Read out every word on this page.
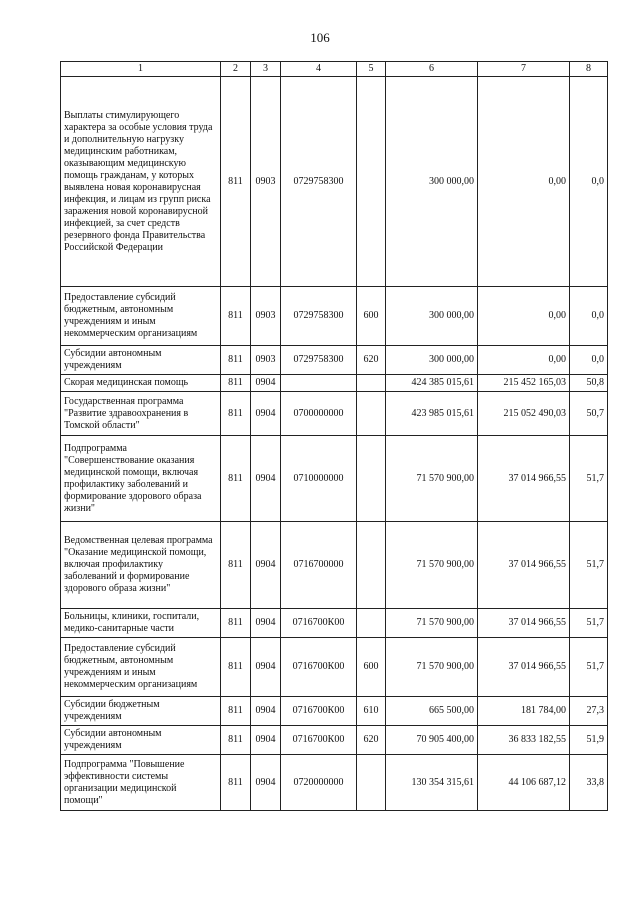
106
1	2	3	4	5	6	7	8
Выплаты стимулирующего характера за особые условия труда и дополнительную нагрузку медицинским работникам, оказывающим медицинскую помощь гражданам, у которых выявлена новая коронавирусная инфекция, и лицам из групп риска заражения новой коронавирусной инфекцией, за счет средств резервного фонда Правительства Российской Федерации	811	0903	0729758300		300 000,00	0,00	0,0
Предоставление субсидий бюджетным, автономным учреждениям и иным некоммерческим организациям	811	0903	0729758300	600	300 000,00	0,00	0,0
Субсидии автономным учреждениям	811	0903	0729758300	620	300 000,00	0,00	0,0
Скорая медицинская помощь	811	0904			424 385 015,61	215 452 165,03	50,8
Государственная программа "Развитие здравоохранения в Томской области"	811	0904	0700000000		423 985 015,61	215 052 490,03	50,7
Подпрограмма "Совершенствование оказания медицинской помощи, включая профилактику заболеваний и формирование здорового образа жизни"	811	0904	0710000000		71 570 900,00	37 014 966,55	51,7
Ведомственная целевая программа "Оказание медицинской помощи, включая профилактику заболеваний и формирование здорового образа жизни"	811	0904	0716700000		71 570 900,00	37 014 966,55	51,7
Больницы, клиники, госпитали, медико-санитарные части	811	0904	0716700К00		71 570 900,00	37 014 966,55	51,7
Предоставление субсидий бюджетным, автономным учреждениям и иным некоммерческим организациям	811	0904	0716700К00	600	71 570 900,00	37 014 966,55	51,7
Субсидии бюджетным учреждениям	811	0904	0716700К00	610	665 500,00	181 784,00	27,3
Субсидии автономным учреждениям	811	0904	0716700К00	620	70 905 400,00	36 833 182,55	51,9
Подпрограмма "Повышение эффективности системы организации медицинской помощи"	811	0904	0720000000		130 354 315,61	44 106 687,12	33,8
